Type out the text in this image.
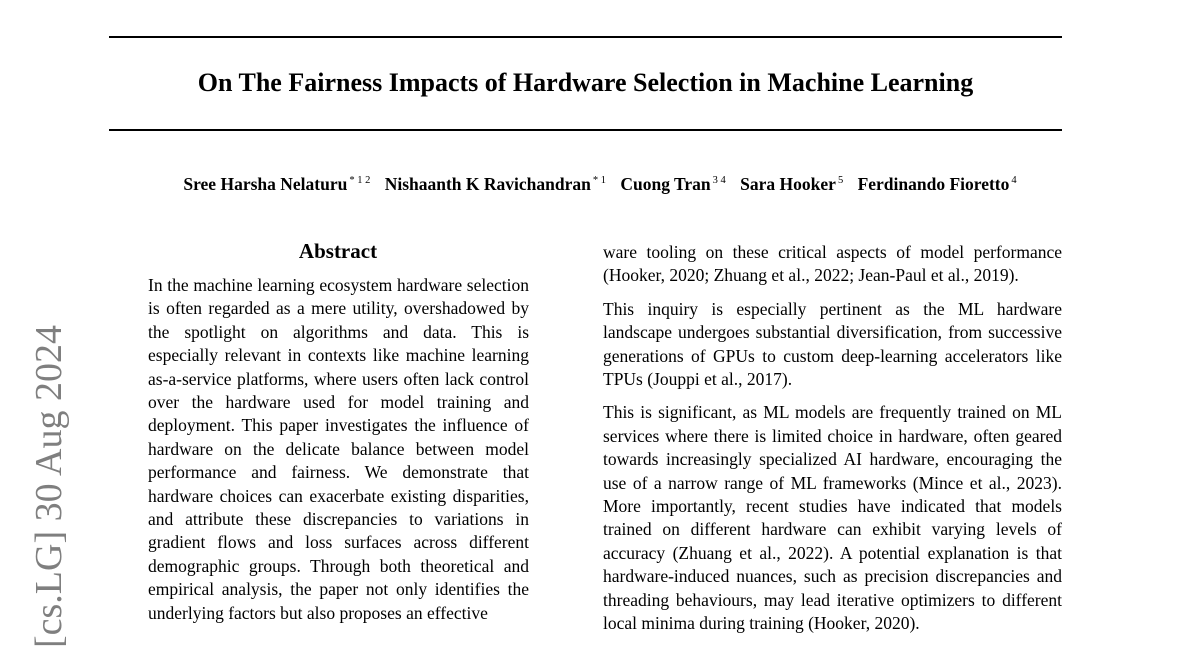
On The Fairness Impacts of Hardware Selection in Machine Learning
Sree Harsha Nelaturu $^{* 1 2}$ Nishaanth K Ravichandran $^{* 1}$ Cuong Tran $^{3 4}$ Sara Hooker $^5$ Ferdinando Fioretto $^4$
[cs.LG] 30 Aug 2024
Abstract

In the machine learning ecosystem hardware selection is often regarded as a mere utility, overshadowed by the spotlight on algorithms and data. This is especially relevant in contexts like machine learning as-a-service platforms, where users often lack control over the hardware used for model training and deployment. This paper investigates the influence of hardware on the delicate balance between model performance and fairness. We demonstrate that hardware choices can exacerbate existing disparities, and attribute these discrepancies to variations in gradient flows and loss surfaces across different demographic groups. Through both theoretical and empirical analysis, the paper not only identifies the underlying factors but also proposes an effective

ware tooling on these critical aspects of model performance (Hooker, 2020; Zhuang et al., 2022; Jean-Paul et al., 2019).

This inquiry is especially pertinent as the ML hardware landscape undergoes substantial diversification, from successive generations of GPUs to custom deep-learning accelerators like TPUs (Jouppi et al., 2017).

This is significant, as ML models are frequently trained on ML services where there is limited choice in hardware, often geared towards increasingly specialized AI hardware, encouraging the use of a narrow range of ML frameworks (Mince et al., 2023). More importantly, recent studies have indicated that models trained on different hardware can exhibit varying levels of accuracy (Zhuang et al., 2022). A potential explanation is that hardware-induced nuances, such as precision discrepancies and threading behaviours, may lead iterative optimizers to different local minima during training (Hooker, 2020).
